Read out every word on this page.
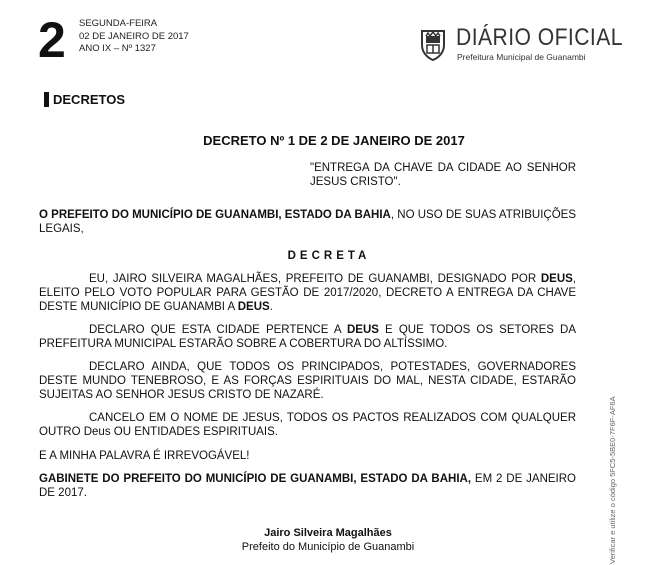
2 SEGUNDA-FEIRA
02 DE JANEIRO DE 2017
ANO IX – Nº 1327	DIÁRIO OFICIAL
Prefeitura Municipal de Guanambi
DECRETOS
DECRETO Nº 1 DE 2 DE JANEIRO DE 2017
"ENTREGA DA CHAVE DA CIDADE AO SENHOR JESUS CRISTO".
O PREFEITO DO MUNICÍPIO DE GUANAMBI, ESTADO DA BAHIA, NO USO DE SUAS ATRIBUIÇÕES LEGAIS,
DECRETA
EU, JAIRO SILVEIRA MAGALHÃES, PREFEITO DE GUANAMBI, DESIGNADO POR DEUS, ELEITO PELO VOTO POPULAR PARA GESTÃO DE 2017/2020, DECRETO A ENTREGA DA CHAVE DESTE MUNICÍPIO DE GUANAMBI A DEUS.
DECLARO QUE ESTA CIDADE PERTENCE A DEUS E QUE TODOS OS SETORES DA PREFEITURA MUNICIPAL ESTARÃO SOBRE A COBERTURA DO ALTÍSSIMO.
DECLARO AINDA, QUE TODOS OS PRINCIPADOS, POTESTADES, GOVERNADORES DESTE MUNDO TENEBROSO, E AS FORÇAS ESPIRITUAIS DO MAL, NESTA CIDADE, ESTARÃO SUJEITAS AO SENHOR JESUS CRISTO DE NAZARÉ.
CANCELO EM O NOME DE JESUS, TODOS OS PACTOS REALIZADOS COM QUALQUER OUTRO Deus OU ENTIDADES ESPIRITUAIS.
E A MINHA PALAVRA É IRREVOGÁVEL!
GABINETE DO PREFEITO DO MUNICÍPIO DE GUANAMBI, ESTADO DA BAHIA, EM 2 DE JANEIRO DE 2017.
Jairo Silveira Magalhães
Prefeito do Município de Guanambi	Verificar e utilize o código 5FC5-5BE0-7F6F-AF6A
